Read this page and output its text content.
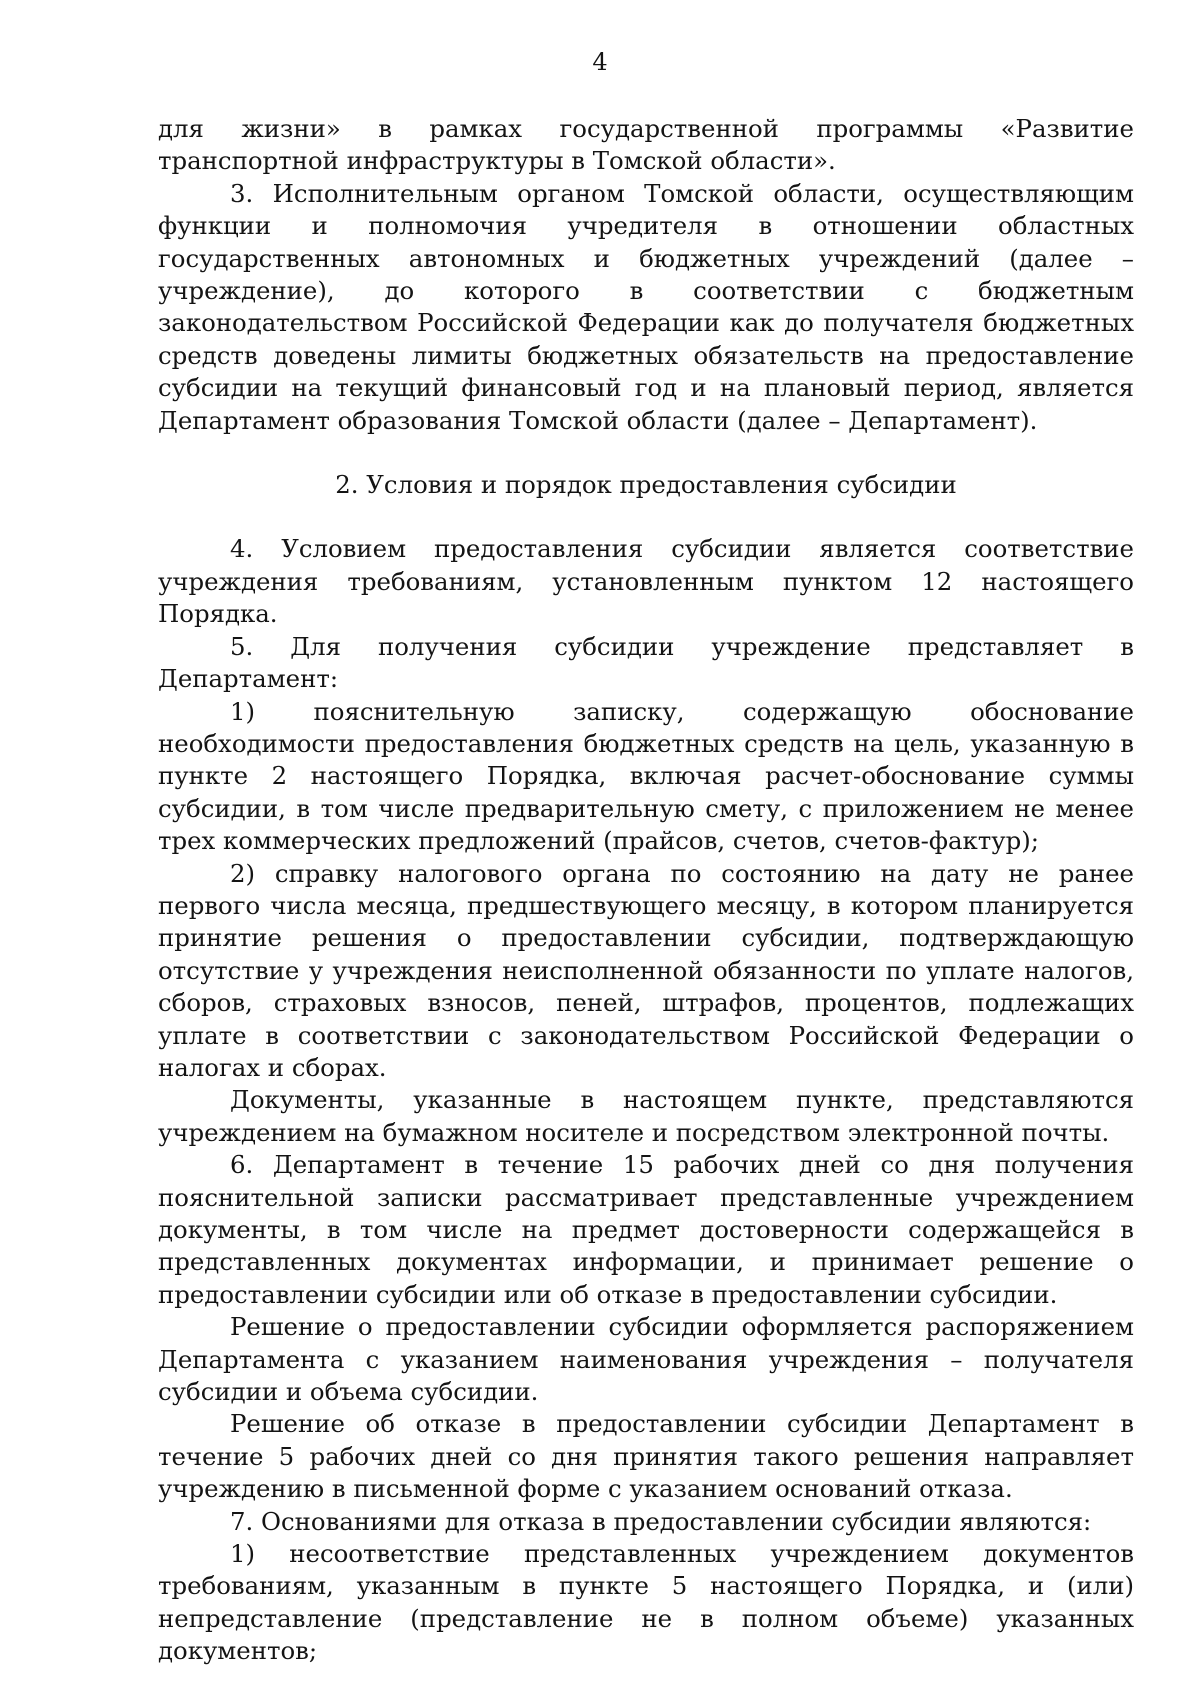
4

для жизни» в рамках государственной программы «Развитие транспортной инфраструктуры в Томской области».

3. Исполнительным органом Томской области, осуществляющим функции и полномочия учредителя в отношении областных государственных автономных и бюджетных учреждений (далее – учреждение), до которого в соответствии с бюджетным законодательством Российской Федерации как до получателя бюджетных средств доведены лимиты бюджетных обязательств на предоставление субсидии на текущий финансовый год и на плановый период, является Департамент образования Томской области (далее – Департамент).

2. Условия и порядок предоставления субсидии

4. Условием предоставления субсидии является соответствие учреждения требованиям, установленным пунктом 12 настоящего Порядка.

5. Для получения субсидии учреждение представляет в Департамент:

1) пояснительную записку, содержащую обоснование необходимости предоставления бюджетных средств на цель, указанную в пункте 2 настоящего Порядка, включая расчет-обоснование суммы субсидии, в том числе предварительную смету, с приложением не менее трех коммерческих предложений (прайсов, счетов, счетов-фактур);

2) справку налогового органа по состоянию на дату не ранее первого числа месяца, предшествующего месяцу, в котором планируется принятие решения о предоставлении субсидии, подтверждающую отсутствие у учреждения неисполненной обязанности по уплате налогов, сборов, страховых взносов, пеней, штрафов, процентов, подлежащих уплате в соответствии с законодательством Российской Федерации о налогах и сборах.

Документы, указанные в настоящем пункте, представляются учреждением на бумажном носителе и посредством электронной почты.

6. Департамент в течение 15 рабочих дней со дня получения пояснительной записки рассматривает представленные учреждением документы, в том числе на предмет достоверности содержащейся в представленных документах информации, и принимает решение о предоставлении субсидии или об отказе в предоставлении субсидии.

Решение о предоставлении субсидии оформляется распоряжением Департамента с указанием наименования учреждения – получателя субсидии и объема субсидии.

Решение об отказе в предоставлении субсидии Департамент в течение 5 рабочих дней со дня принятия такого решения направляет учреждению в письменной форме с указанием оснований отказа.

7. Основаниями для отказа в предоставлении субсидии являются:

1) несоответствие представленных учреждением документов требованиям, указанным в пункте 5 настоящего Порядка, и (или) непредставление (представление не в полном объеме) указанных документов;
